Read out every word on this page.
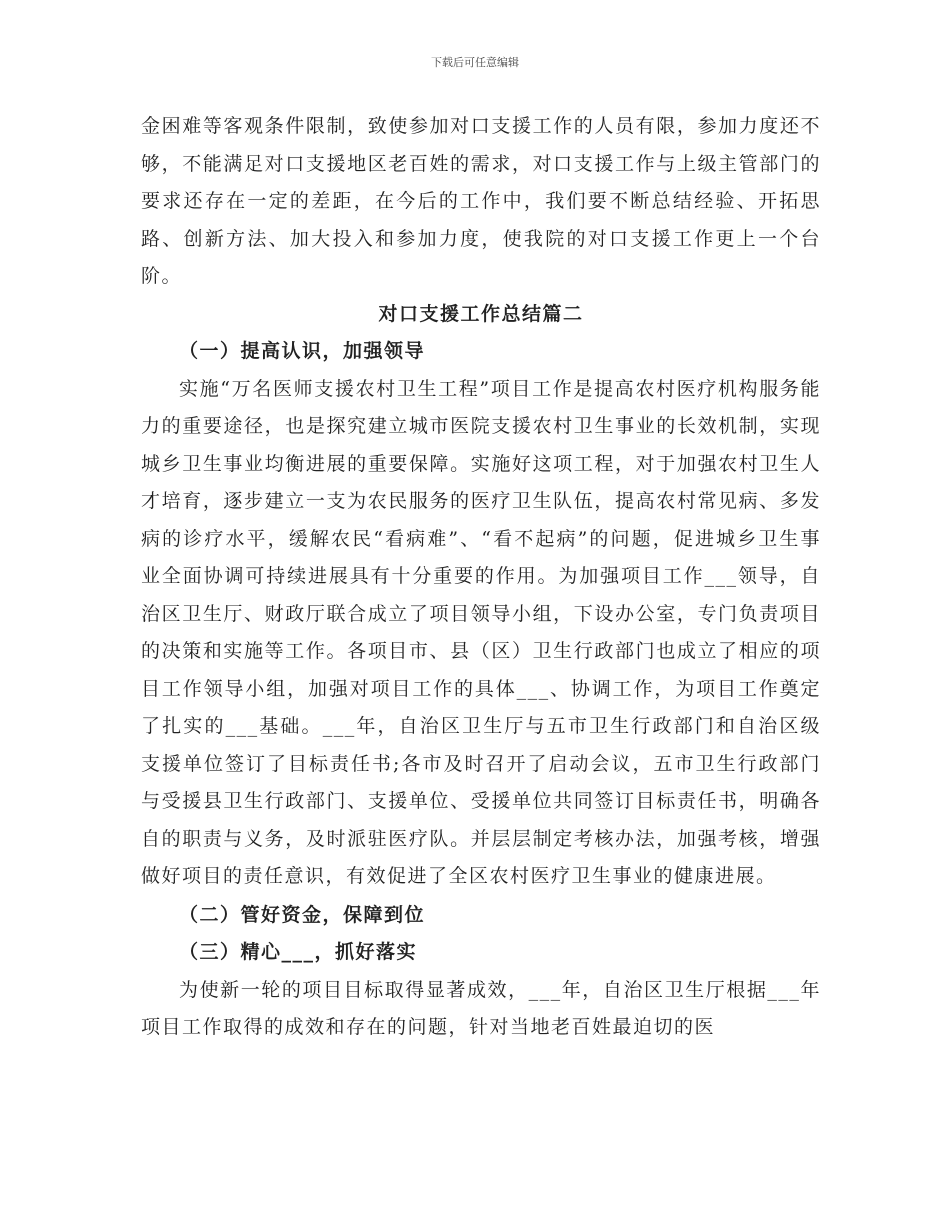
下载后可任意编辑

金困难等客观条件限制，致使参加对口支援工作的人员有限，参加力度还不够，不能满足对口支援地区老百姓的需求，对口支援工作与上级主管部门的要求还存在一定的差距，在今后的工作中，我们要不断总结经验、开拓思路、创新方法、加大投入和参加力度，使我院的对口支援工作更上一个台阶。

对口支援工作总结篇二
（一）提高认识，加强领导

实施“万名医师支援农村卫生工程”项目工作是提高农村医疗机构服务能力的重要途径，也是探究建立城市医院支援农村卫生事业的长效机制，实现城乡卫生事业均衡进展的重要保障。实施好这项工程，对于加强农村卫生人才培育，逐步建立一支为农民服务的医疗卫生队伍，提高农村常见病、多发病的诊疗水平，缓解农民“看病难”、“看不起病”的问题，促进城乡卫生事业全面协调可持续进展具有十分重要的作用。为加强项目工作___领导，自治区卫生厅、财政厅联合成立了项目领导小组，下设办公室，专门负责项目的决策和实施等工作。各项目市、县（区）卫生行政部门也成立了相应的项目工作领导小组，加强对项目工作的具体___、协调工作，为项目工作奠定了扎实的___基础。___年，自治区卫生厅与五市卫生行政部门和自治区级支援单位签订了目标责任书;各市及时召开了启动会议，五市卫生行政部门与受援县卫生行政部门、支援单位、受援单位共同签订目标责任书，明确各自的职责与义务，及时派驻医疗队。并层层制定考核办法，加强考核，增强做好项目的责任意识，有效促进了全区农村医疗卫生事业的健康进展。

（二）管好资金，保障到位
（三）精心___，抓好落实

为使新一轮的项目目标取得显著成效，___年，自治区卫生厅根据___年项目工作取得的成效和存在的问题，针对当地老百姓最迫切的医
